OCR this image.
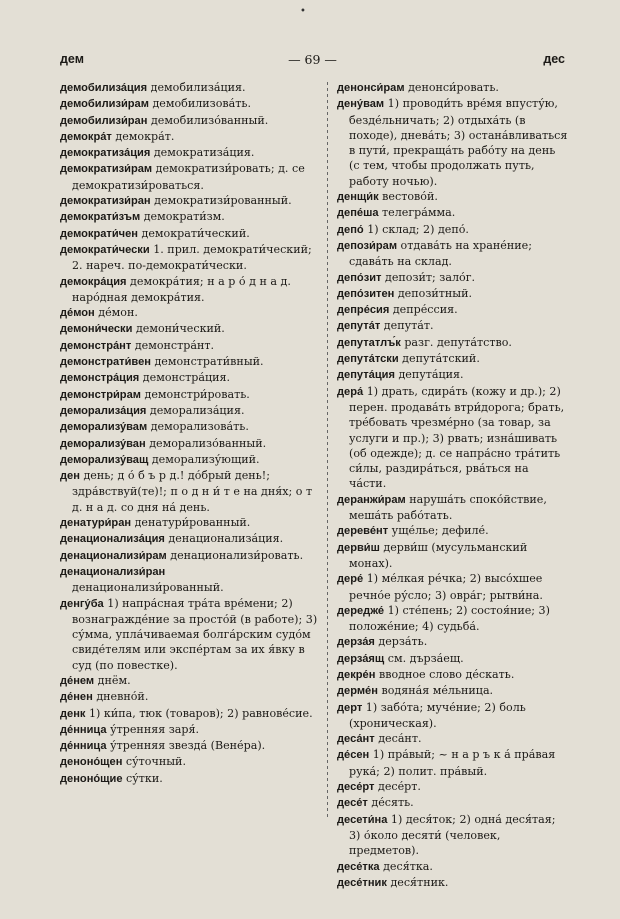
•
дем	— 69 —	дес

демобилиза́ция демобилиза́ция.

демобилизи́рам демобилизова́ть.

демобилизи́ран демобилизо́ванный.

демокра́т демокра́т.

демократиза́ция демократиза́ция.

демократизи́рам демократизи́ровать; д. се демократизи́роваться.

демократизи́ран демократизи́рованный.

демократи́зъм демократи́зм.

демократи́чен демократи́ческий.

демократи́чески 1. прил. демократи́ческий; 2. нареч. по-демократи́чески.

демокра́ция демокра́тия; н а р о́ д н а д. наро́дная демокра́тия.

де́мон де́мон.

демони́чески демони́ческий.

демонстра́нт демонстра́нт.

демонстрати́вен демонстрати́вный.

демонстра́ция демонстра́ция.

демонстри́рам демонстри́ровать.

деморализа́ция деморализа́ция.

деморализу́вам деморализова́ть.

деморализу́ван деморализо́ванный.

деморализу́ващ деморализу́ющий.

ден день; д о́ б ъ р д.! до́брый день!; здра́вствуй(те)!; п о д н и́ т е на дня́х; о т д. н а д. со дня на́ день.

денатури́ран денатури́рованный.

денационализа́ция денационализа́ция.

денационализи́рам денационализи́ровать.

денационализи́ран денационализи́рованный.

денгу́ба 1) напра́сная тра́та вре́мени; 2) вознагражде́ние за просто́й (в работе); 3) су́мма, упла́чиваемая болга́рским судо́м свиде́телям или экспе́ртам за их я́вку в суд (по повестке).

де́нем днём.

де́нен дневно́й.

денк 1) ки́па, тюк (товаров); 2) равнове́сие.

де́нница у́тренняя заря́.

де́нница у́тренняя звезда́ (Вене́ра).

деноно́щен су́точный.

деноно́щие су́тки.

денонси́рам денонси́ровать.

дену́вам 1) проводи́ть вре́мя впусту́ю, безде́льничать; 2) отдыха́ть (в походе), днева́ть; 3) остана́вливаться в пути́, прекраща́ть рабо́ту на день (с тем, чтобы продолжать путь, работу ночью).

денщи́к вестово́й.

депе́ша телегра́мма.

депо́ 1) склад; 2) депо́.

депози́рам отдава́ть на хране́ние; сдава́ть на склад.

депо́зит депози́т; зало́г.

депо́зитен депози́тный.

депре́сия депре́ссия.

депута́т депута́т.

депутатлъ́к разг. депута́тство.

депута́тски депута́тский.

депута́ция депута́ция.

дера́ 1) драть, сдира́ть (кожу и др.); 2) перен. продава́ть втри́дорога; брать, тре́бовать чрезме́рно (за товар, за услуги и пр.); 3) рвать; изна́шивать (об одежде); д. се напра́сно тра́тить си́лы, раздира́ться, рва́ться на ча́сти.

деранжи́рам наруша́ть споко́йствие, меша́ть рабо́тать.

дереве́нт уще́лье; дефиле́.

дерви́ш дерви́ш (мусульманский монах).

дере́ 1) ме́лкая ре́чка; 2) высо́хшее речно́е ру́сло; 3) овра́г; рытви́на.

дередже́ 1) сте́пень; 2) состоя́ние; 3) положе́ние; 4) судьба́.

дерза́я дерза́ть.

дерза́ящ см. дърза́ещ.

декре́н вводное слово де́скать.

дерме́н водяна́я ме́льница.

дерт 1) забо́та; муче́ние; 2) боль (хроническая).

деса́нт деса́нт.

де́сен 1) пра́вый; ~ н а р ъ к а́ пра́вая рука́; 2) полит. пра́вый.

десе́рт десе́рт.

десе́т де́сять.

десети́на 1) деся́ток; 2) одна́ деся́тая; 3) о́коло десяти́ (человек, предметов).

десе́тка деся́тка.

десе́тник деся́тник.
